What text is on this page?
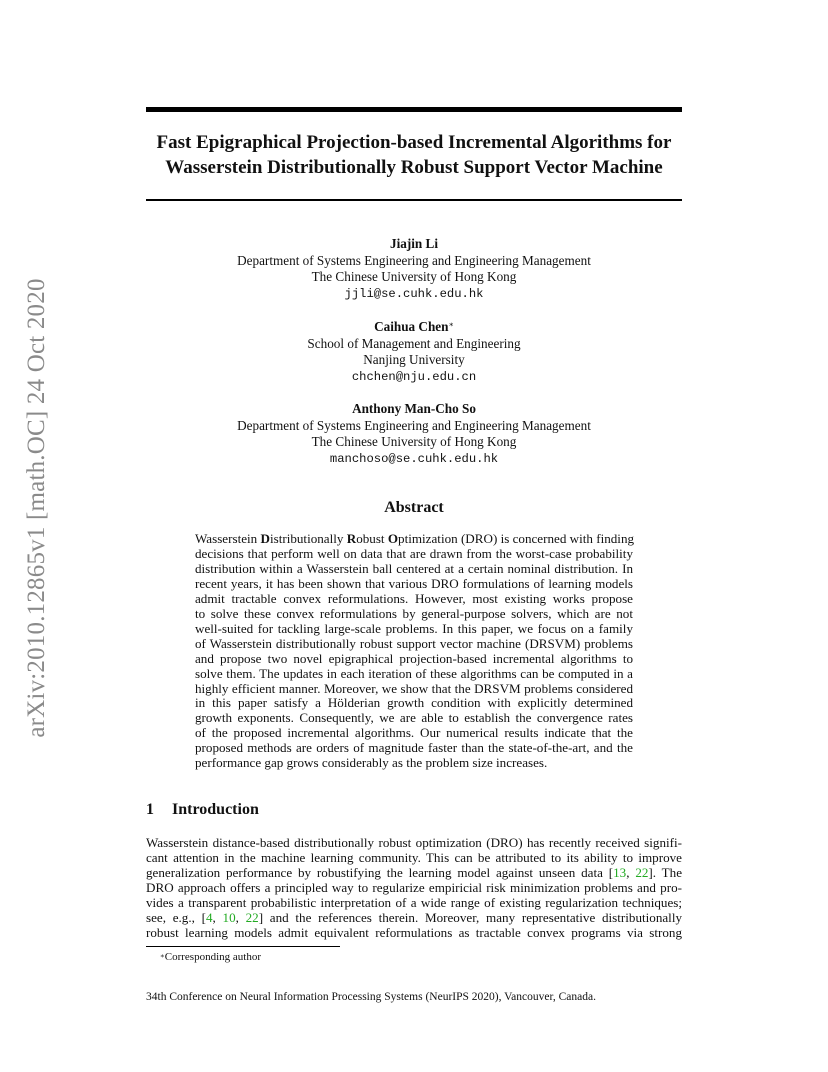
arXiv:2010.12865v1 [math.OC] 24 Oct 2020
Fast Epigraphical Projection-based Incremental Algorithms for
Wasserstein Distributionally Robust Support Vector Machine
Jiajin Li
Department of Systems Engineering and Engineering Management
The Chinese University of Hong Kong
jjli@se.cuhk.edu.hk
Caihua Chen∗
School of Management and Engineering
Nanjing University
chchen@nju.edu.cn
Anthony Man-Cho So
Department of Systems Engineering and Engineering Management
The Chinese University of Hong Kong
manchoso@se.cuhk.edu.hk
Abstract
Wasserstein Distributionally Robust Optimization (DRO) is concerned with finding
decisions that perform well on data that are drawn from the worst-case probability
distribution within a Wasserstein ball centered at a certain nominal distribution. In
recent years, it has been shown that various DRO formulations of learning models
admit tractable convex reformulations. However, most existing works propose
to solve these convex reformulations by general-purpose solvers, which are not
well-suited for tackling large-scale problems. In this paper, we focus on a family
of Wasserstein distributionally robust support vector machine (DRSVM) problems
and propose two novel epigraphical projection-based incremental algorithms to
solve them. The updates in each iteration of these algorithms can be computed in a
highly efficient manner. Moreover, we show that the DRSVM problems considered
in this paper satisfy a Hölderian growth condition with explicitly determined
growth exponents. Consequently, we are able to establish the convergence rates
of the proposed incremental algorithms. Our numerical results indicate that the
proposed methods are orders of magnitude faster than the state-of-the-art, and the
performance gap grows considerably as the problem size increases.
1 Introduction
Wasserstein distance-based distributionally robust optimization (DRO) has recently received signifi-
cant attention in the machine learning community. This can be attributed to its ability to improve
generalization performance by robustifying the learning model against unseen data [13, 22]. The
DRO approach offers a principled way to regularize empiricial risk minimization problems and pro-
vides a transparent probabilistic interpretation of a wide range of existing regularization techniques;
see, e.g., [4, 10, 22] and the references therein. Moreover, many representative distributionally
robust learning models admit equivalent reformulations as tractable convex programs via strong
∗Corresponding author
34th Conference on Neural Information Processing Systems (NeurIPS 2020), Vancouver, Canada.
